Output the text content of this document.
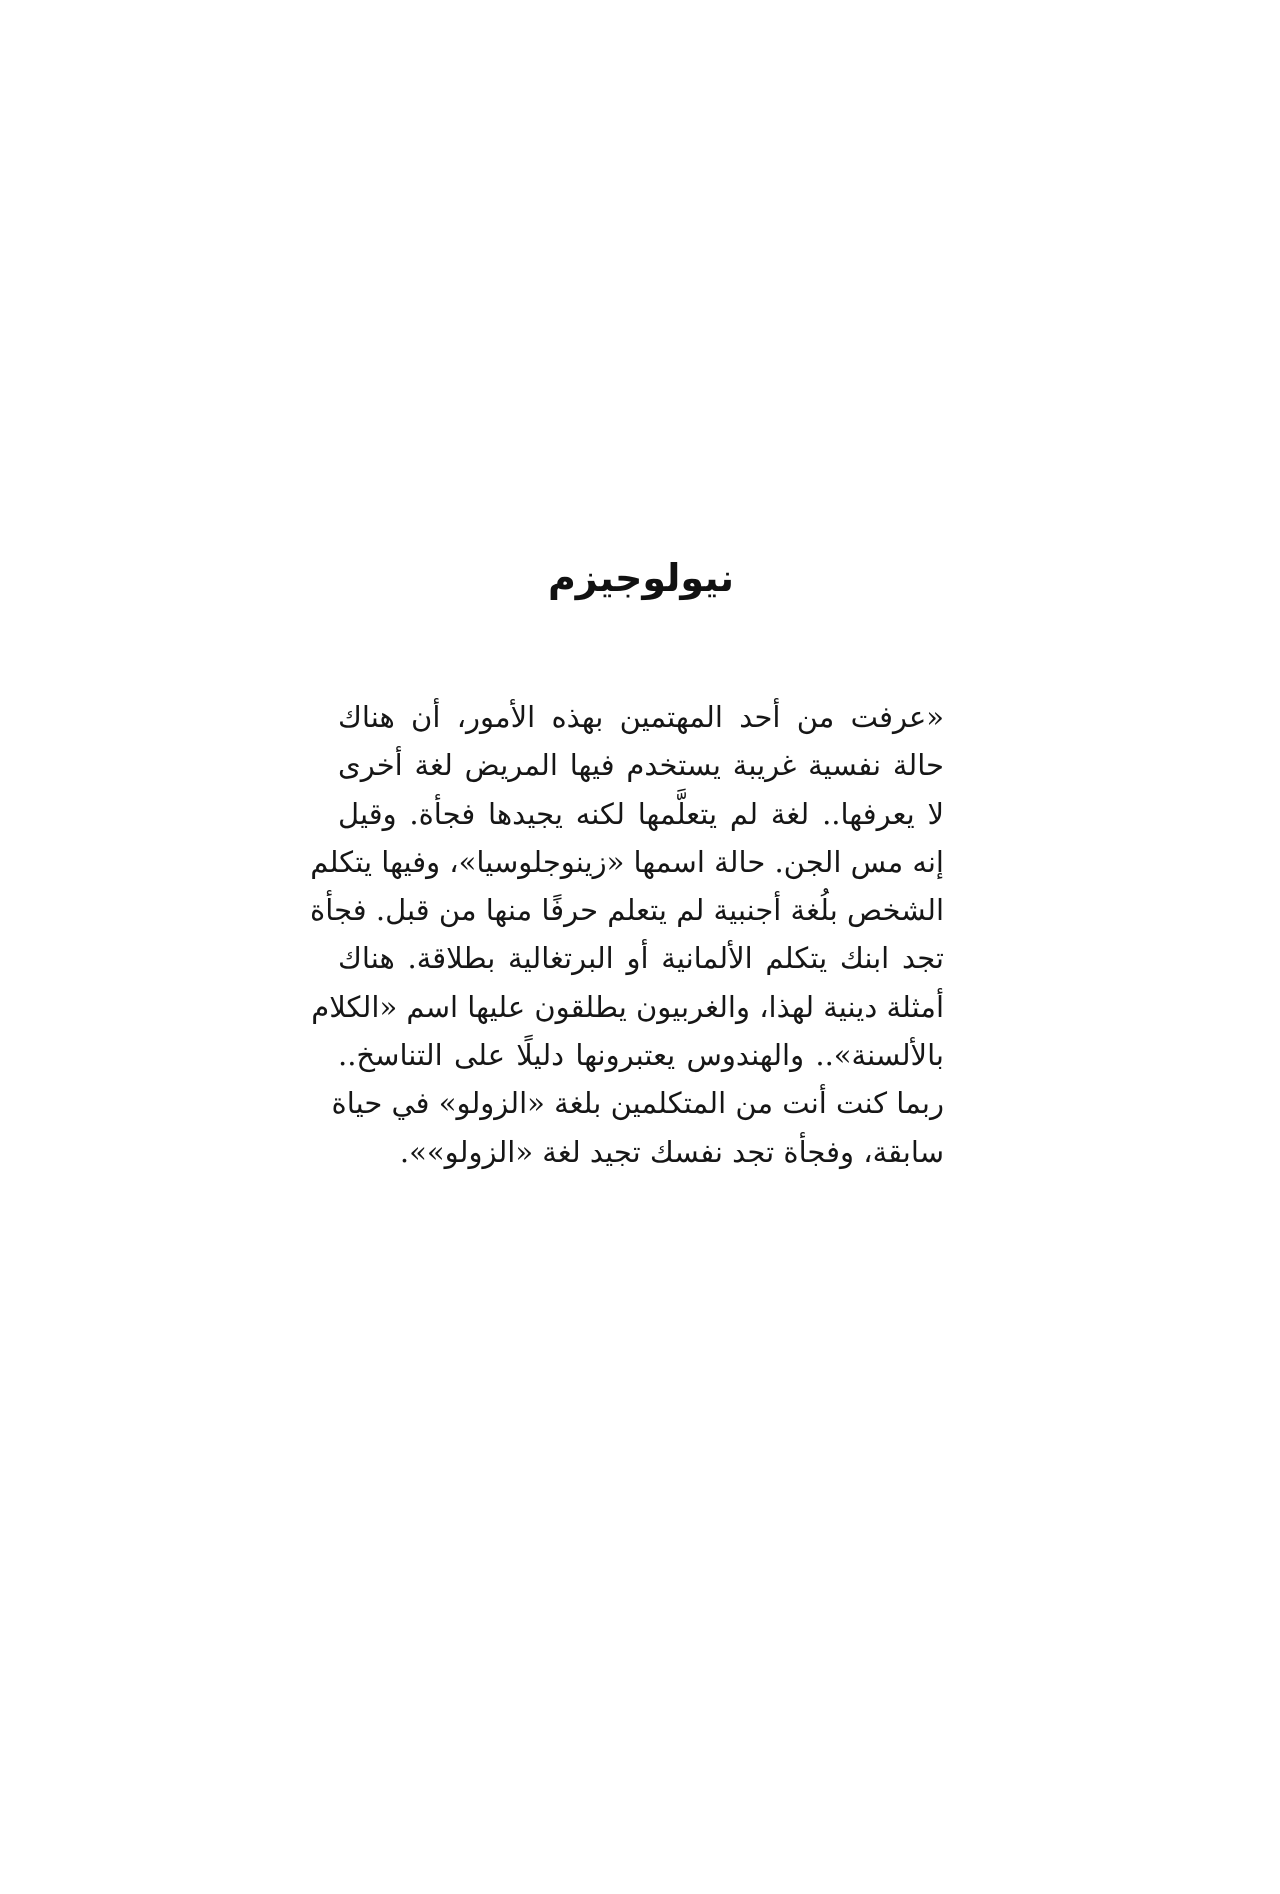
نيولوجيزم
«عرفت من أحد المهتمين بهذه الأمور، أن هناك
حالة نفسية غريبة يستخدم فيها المريض لغة أخرى
لا يعرفها.. لغة لم يتعلَّمها لكنه يجيدها فجأة. وقيل
إنه مس الجن. حالة اسمها «زينوجلوسيا»، وفيها يتكلم
الشخص بلُغة أجنبية لم يتعلم حرفًا منها من قبل. فجأة
تجد ابنك يتكلم الألمانية أو البرتغالية بطلاقة. هناك
أمثلة دينية لهذا، والغربيون يطلقون عليها اسم «الكلام
بالألسنة».. والهندوس يعتبرونها دليلًا على التناسخ..
ربما كنت أنت من المتكلمين بلغة «الزولو» في حياة
سابقة، وفجأة تجد نفسك تجيد لغة «الزولو»».
